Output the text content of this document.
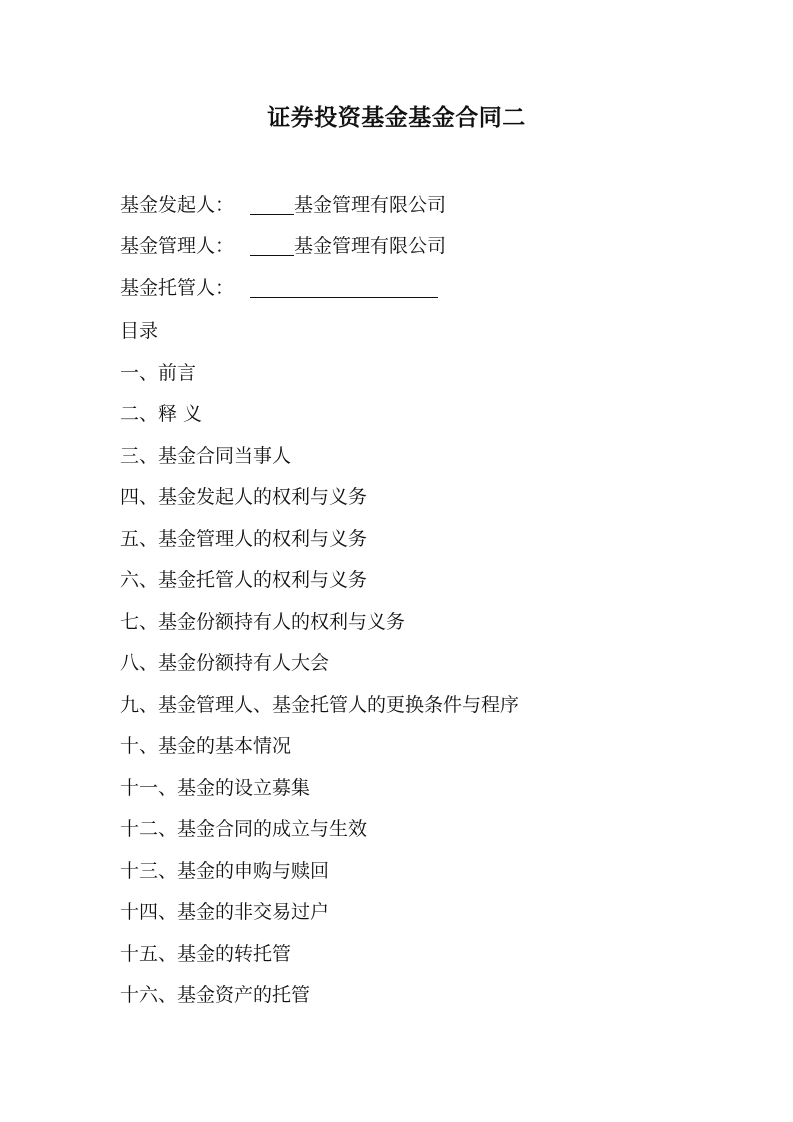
证券投资基金基金合同二
基金发起人：	基金管理有限公司
基金管理人：	基金管理有限公司
基金托管人：
目录
一、前言
二、释 义
三、基金合同当事人
四、基金发起人的权利与义务
五、基金管理人的权利与义务
六、基金托管人的权利与义务
七、基金份额持有人的权利与义务
八、基金份额持有人大会
九、基金管理人、基金托管人的更换条件与程序
十、基金的基本情况
十一、基金的设立募集
十二、基金合同的成立与生效
十三、基金的申购与赎回
十四、基金的非交易过户
十五、基金的转托管
十六、基金资产的托管
